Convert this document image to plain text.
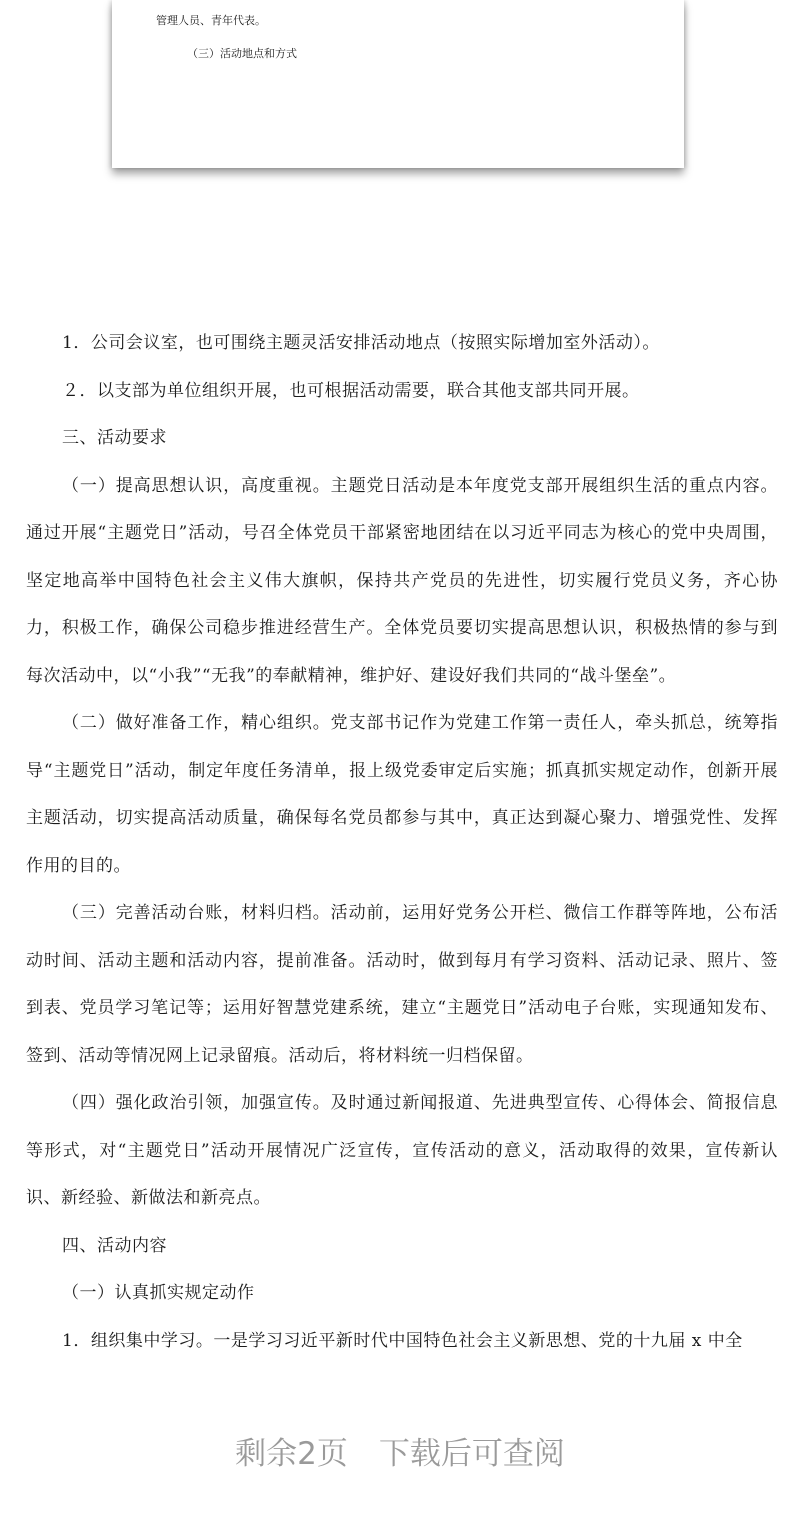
管理人员、青年代表。
（三）活动地点和方式

1．公司会议室，也可围绕主题灵活安排活动地点（按照实际增加室外活动）。

２．以支部为单位组织开展，也可根据活动需要，联合其他支部共同开展。

三、活动要求

（一）提高思想认识，高度重视。主题党日活动是本年度党支部开展组织生活的重点内容。通过开展“主题党日”活动，号召全体党员干部紧密地团结在以习近平同志为核心的党中央周围，坚定地高举中国特色社会主义伟大旗帜，保持共产党员的先进性，切实履行党员义务，齐心协力，积极工作，确保公司稳步推进经营生产。全体党员要切实提高思想认识，积极热情的参与到每次活动中，以“小我”“无我”的奉献精神，维护好、建设好我们共同的“战斗堡垒”。

（二）做好准备工作，精心组织。党支部书记作为党建工作第一责任人，牵头抓总，统筹指导“主题党日”活动，制定年度任务清单，报上级党委审定后实施；抓真抓实规定动作，创新开展主题活动，切实提高活动质量，确保每名党员都参与其中，真正达到凝心聚力、增强党性、发挥作用的目的。

（三）完善活动台账，材料归档。活动前，运用好党务公开栏、微信工作群等阵地，公布活动时间、活动主题和活动内容，提前准备。活动时，做到每月有学习资料、活动记录、照片、签到表、党员学习笔记等；运用好智慧党建系统，建立“主题党日”活动电子台账，实现通知发布、签到、活动等情况网上记录留痕。活动后，将材料统一归档保留。

（四）强化政治引领，加强宣传。及时通过新闻报道、先进典型宣传、心得体会、简报信息等形式，对“主题党日”活动开展情况广泛宣传，宣传活动的意义，活动取得的效果，宣传新认识、新经验、新做法和新亮点。

四、活动内容

（一）认真抓实规定动作

1．组织集中学习。一是学习习近平新时代中国特色社会主义新思想、党的十九届 x 中全

剩余2页　下载后可查阅
